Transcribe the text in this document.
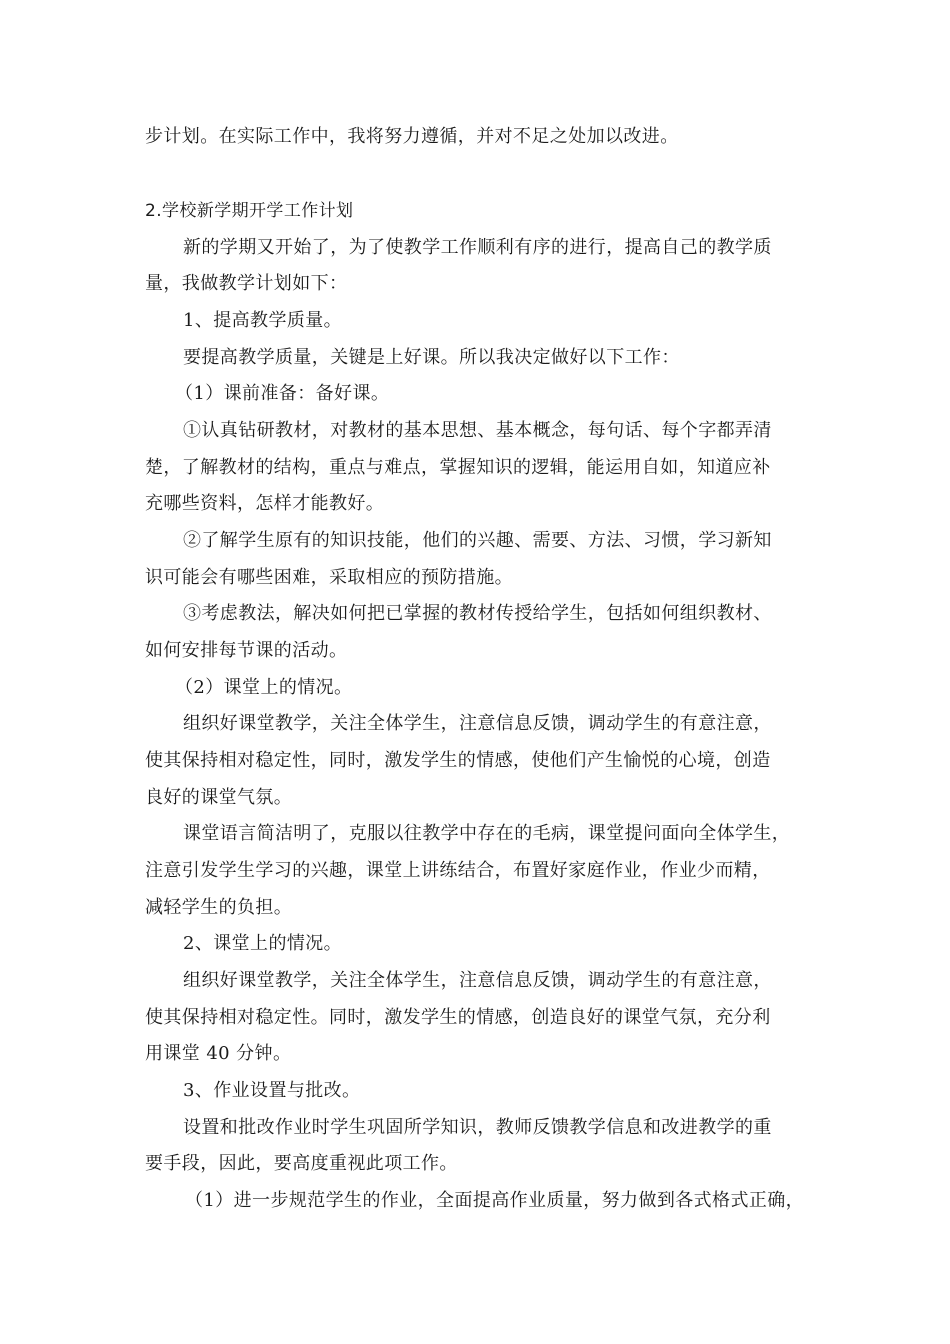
步计划。在实际工作中，我将努力遵循，并对不足之处加以改进。
2.学校新学期开学工作计划
新的学期又开始了，为了使教学工作顺利有序的进行，提高自己的教学质
量，我做教学计划如下：
1、提高教学质量。
要提高教学质量，关键是上好课。所以我决定做好以下工作：
（1）课前准备：备好课。
①认真钻研教材，对教材的基本思想、基本概念，每句话、每个字都弄清
楚，了解教材的结构，重点与难点，掌握知识的逻辑，能运用自如，知道应补
充哪些资料，怎样才能教好。
②了解学生原有的知识技能，他们的兴趣、需要、方法、习惯，学习新知
识可能会有哪些困难，采取相应的预防措施。
③考虑教法，解决如何把已掌握的教材传授给学生，包括如何组织教材、
如何安排每节课的活动。
（2）课堂上的情况。
组织好课堂教学，关注全体学生，注意信息反馈，调动学生的有意注意，
使其保持相对稳定性，同时，激发学生的情感，使他们产生愉悦的心境，创造
良好的课堂气氛。
课堂语言简洁明了，克服以往教学中存在的毛病，课堂提问面向全体学生，
注意引发学生学习的兴趣，课堂上讲练结合，布置好家庭作业，作业少而精，
减轻学生的负担。
2、课堂上的情况。
组织好课堂教学，关注全体学生，注意信息反馈，调动学生的有意注意，
使其保持相对稳定性。同时，激发学生的情感，创造良好的课堂气氛，充分利
用课堂 40 分钟。
3、作业设置与批改。
设置和批改作业时学生巩固所学知识，教师反馈教学信息和改进教学的重
要手段，因此，要高度重视此项工作。
（1）进一步规范学生的作业，全面提高作业质量，努力做到各式格式正确，
